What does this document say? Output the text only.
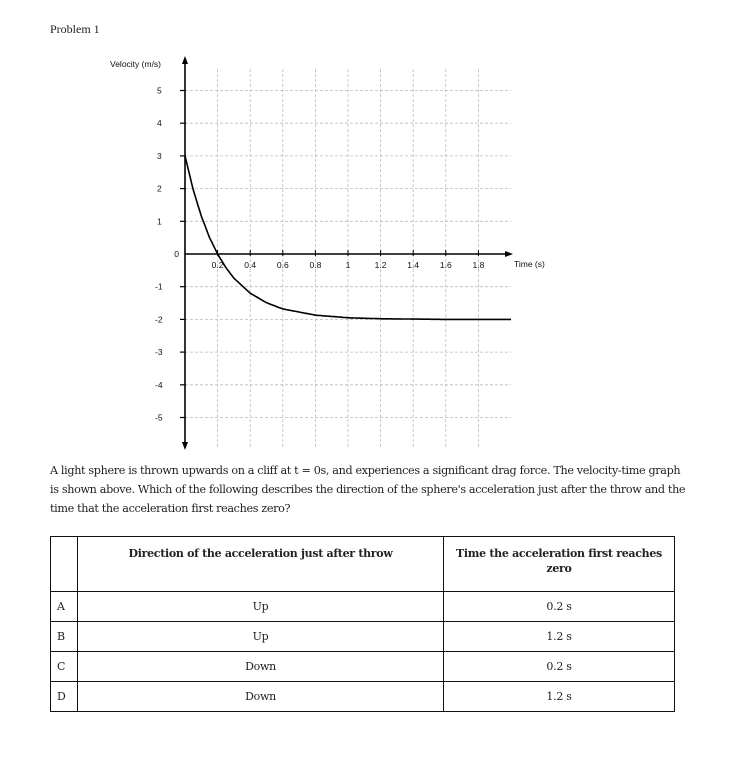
Problem 1
0.2 0.4 0.6 0.8	1	1.2 1.4 1.6 1.8
5
4
3
2
1
0
-1
-2
-3
-4
-5
Velocity (m/s)
Time (s)
A light sphere is thrown upwards on a cliff at t = 0s, and experiences a significant drag force. The velocity-time graph is shown above. Which of the following describes the direction of the sphere's acceleration just after the throw and the time that the acceleration first reaches zero?
	Direction of the acceleration just after throw	Time the acceleration first reaches zero
A	Up	0.2 s
B	Up	1.2 s
C	Down	0.2 s
D	Down	1.2 s
